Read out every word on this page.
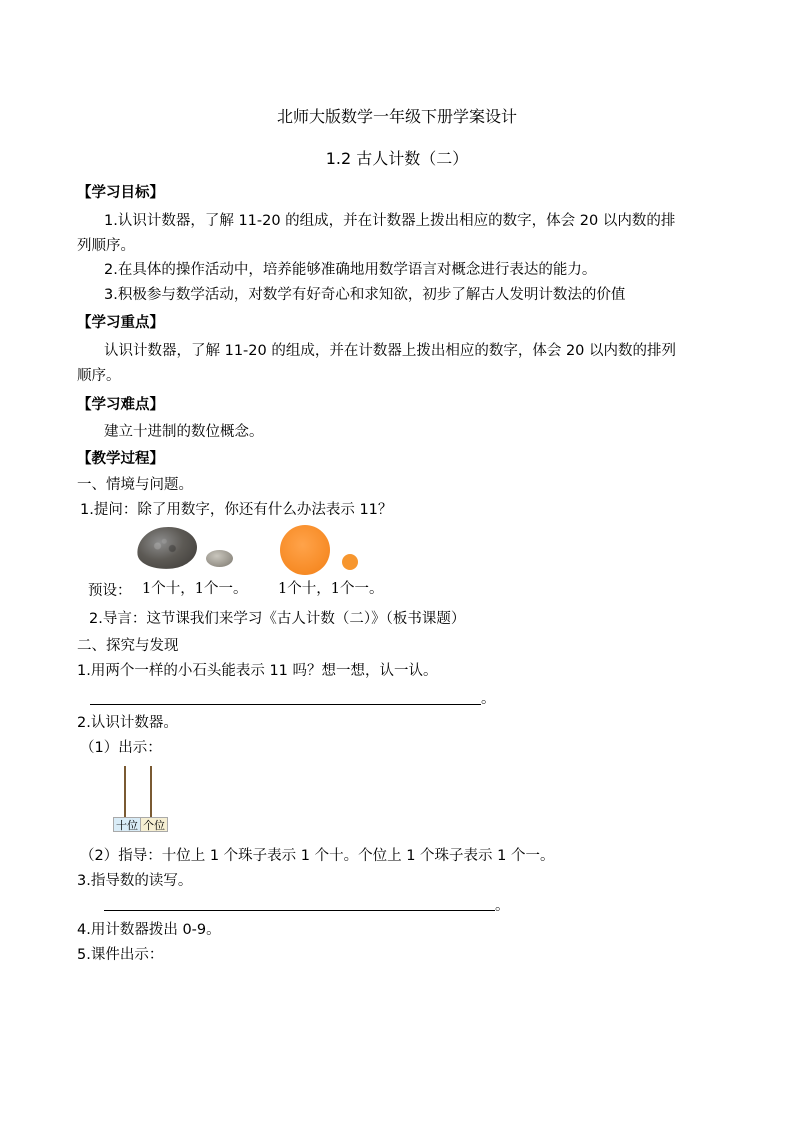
北师大版数学一年级下册学案设计
1.2 古人计数（二）
【学习目标】
1.认识计数器，了解 11-20 的组成，并在计数器上拨出相应的数字，体会 20 以内数的排
列顺序。
2.在具体的操作活动中，培养能够准确地用数学语言对概念进行表达的能力。
3.积极参与数学活动，对数学有好奇心和求知欲，初步了解古人发明计数法的价值
【学习重点】
认识计数器，了解 11-20 的组成，并在计数器上拨出相应的数字，体会 20 以内数的排列
顺序。
【学习难点】
建立十进制的数位概念。
【教学过程】
一、情境与问题。
1.提问：除了用数字，你还有什么办法表示 11？
预设： 1个十，1个一。 1个十，1个一。
2.导言：这节课我们来学习《古人计数（二）》（板书课题）
二、探究与发现
1.用两个一样的小石头能表示 11 吗？想一想，认一认。
。
2.认识计数器。
（1）出示：
十位 个位
（2）指导：十位上 1 个珠子表示 1 个十。个位上 1 个珠子表示 1 个一。
3.指导数的读写。
。
4.用计数器拨出 0-9。
5.课件出示：
